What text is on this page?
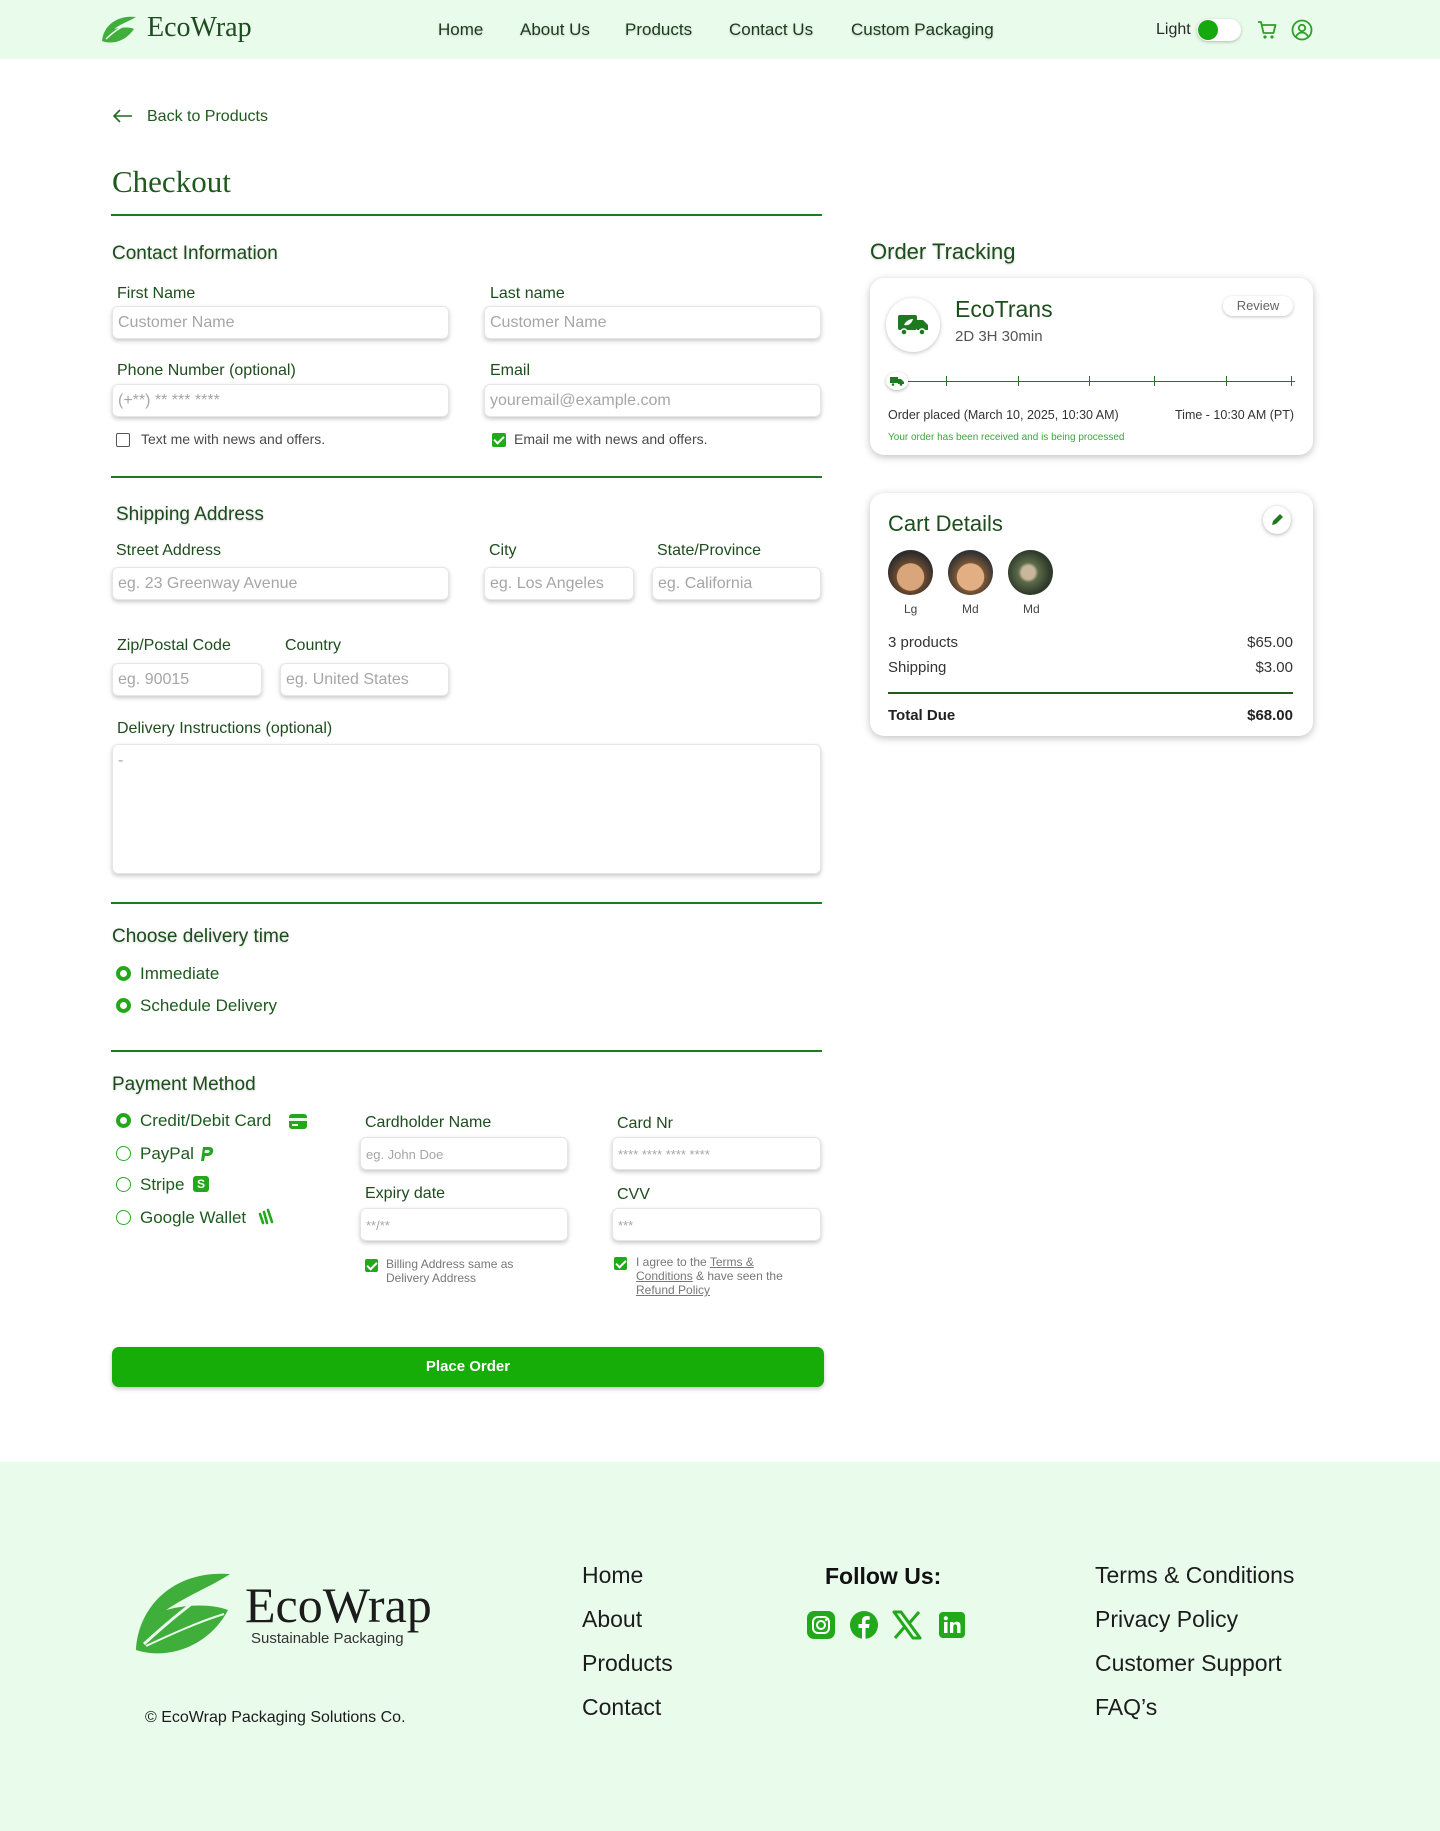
EcoWrap	Home About Us Products Contact Us Custom Packaging	Light
Back to Products
Checkout
Contact Information
First Name
Customer Name
Last name
Customer Name
Phone Number (optional)
(+**) ** *** ****
Email
youremail@example.com
Text me with news and offers.	Email me with news and offers.
Shipping Address
Street Address
eg. 23 Greenway Avenue
City
eg. Los Angeles
State/Province
eg. California
Zip/Postal Code
eg. 90015
Country
eg. United States
Delivery Instructions (optional)
-
Choose delivery time
Immediate
Schedule Delivery
Payment Method
Credit/Debit Card
PayPal
Stripe	S
Google Wallet
Cardholder Name
eg. John Doe
Card Nr
**** **** **** ****
Expiry date
**/**
CVV
***
Billing Address same as
Delivery Address
I agree to the Terms &
Conditions & have seen the
Refund Policy
Place Order
Order Tracking
EcoTrans
2D 3H 30min
Review
Order placed (March 10, 2025, 10:30 AM)	Time - 10:30 AM (PT)
Your order has been received and is being processed
Cart Details
Lg	Md	Md
3 products	$65.00
Shipping	$3.00
Total Due	$68.00
EcoWrap
Sustainable Packaging
© EcoWrap Packaging Solutions Co.
Home
About
Products
Contact
Follow Us:	Terms & Conditions
Privacy Policy
Customer Support
FAQ’s
